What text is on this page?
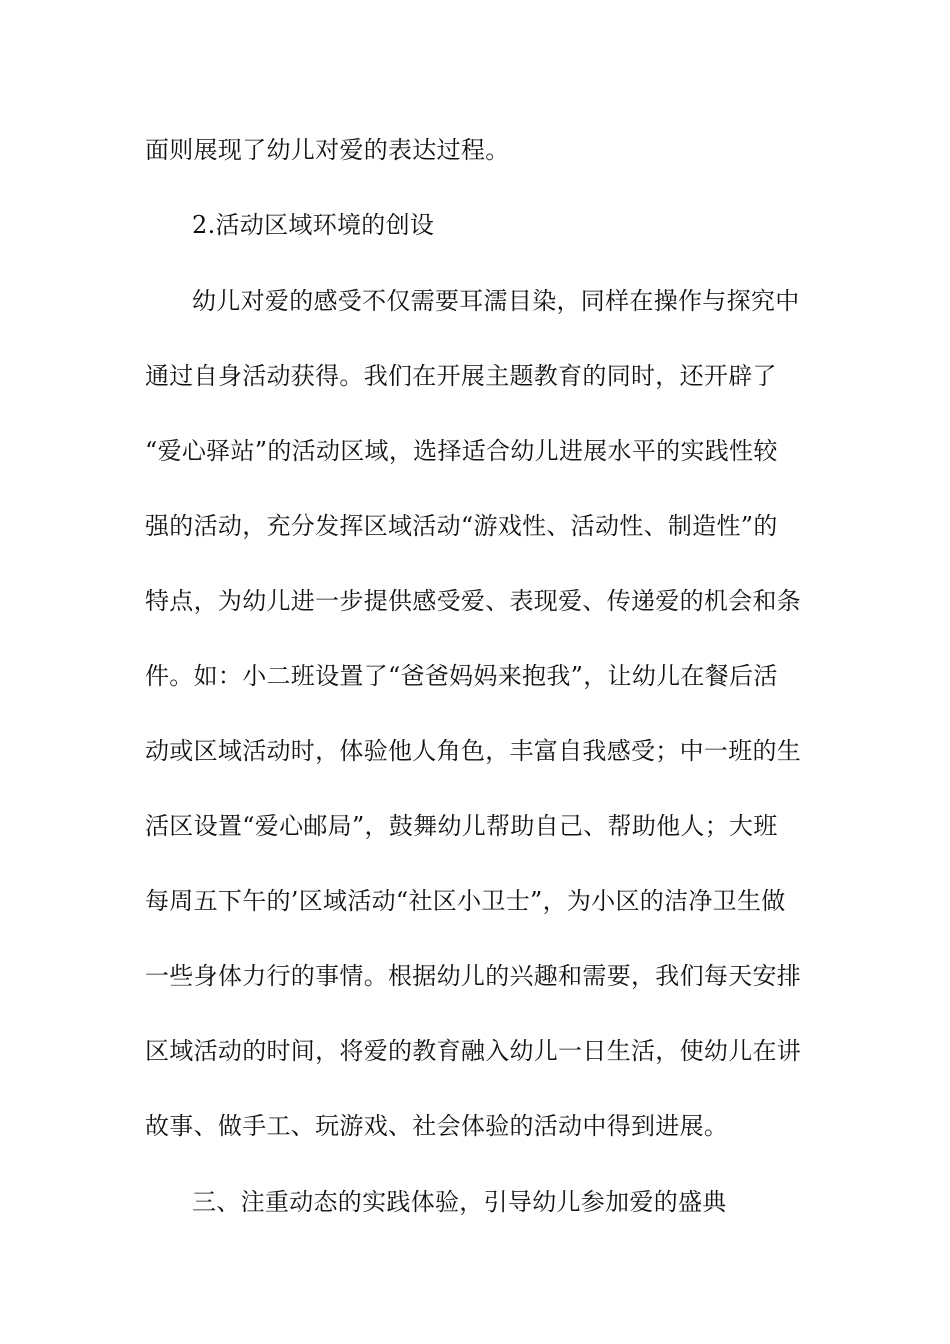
面则展现了幼儿对爱的表达过程。
2.活动区域环境的创设
幼儿对爱的感受不仅需要耳濡目染，同样在操作与探究中
通过自身活动获得。我们在开展主题教育的同时，还开辟了
“爱心驿站”的活动区域，选择适合幼儿进展水平的实践性较
强的活动，充分发挥区域活动“游戏性、活动性、制造性”的
特点，为幼儿进一步提供感受爱、表现爱、传递爱的机会和条
件。如：小二班设置了“爸爸妈妈来抱我”，让幼儿在餐后活
动或区域活动时，体验他人角色，丰富自我感受；中一班的生
活区设置“爱心邮局”，鼓舞幼儿帮助自己、帮助他人；大班
每周五下午的’区域活动“社区小卫士”，为小区的洁净卫生做
一些身体力行的事情。根据幼儿的兴趣和需要，我们每天安排
区域活动的时间，将爱的教育融入幼儿一日生活，使幼儿在讲
故事、做手工、玩游戏、社会体验的活动中得到进展。
三、注重动态的实践体验，引导幼儿参加爱的盛典
